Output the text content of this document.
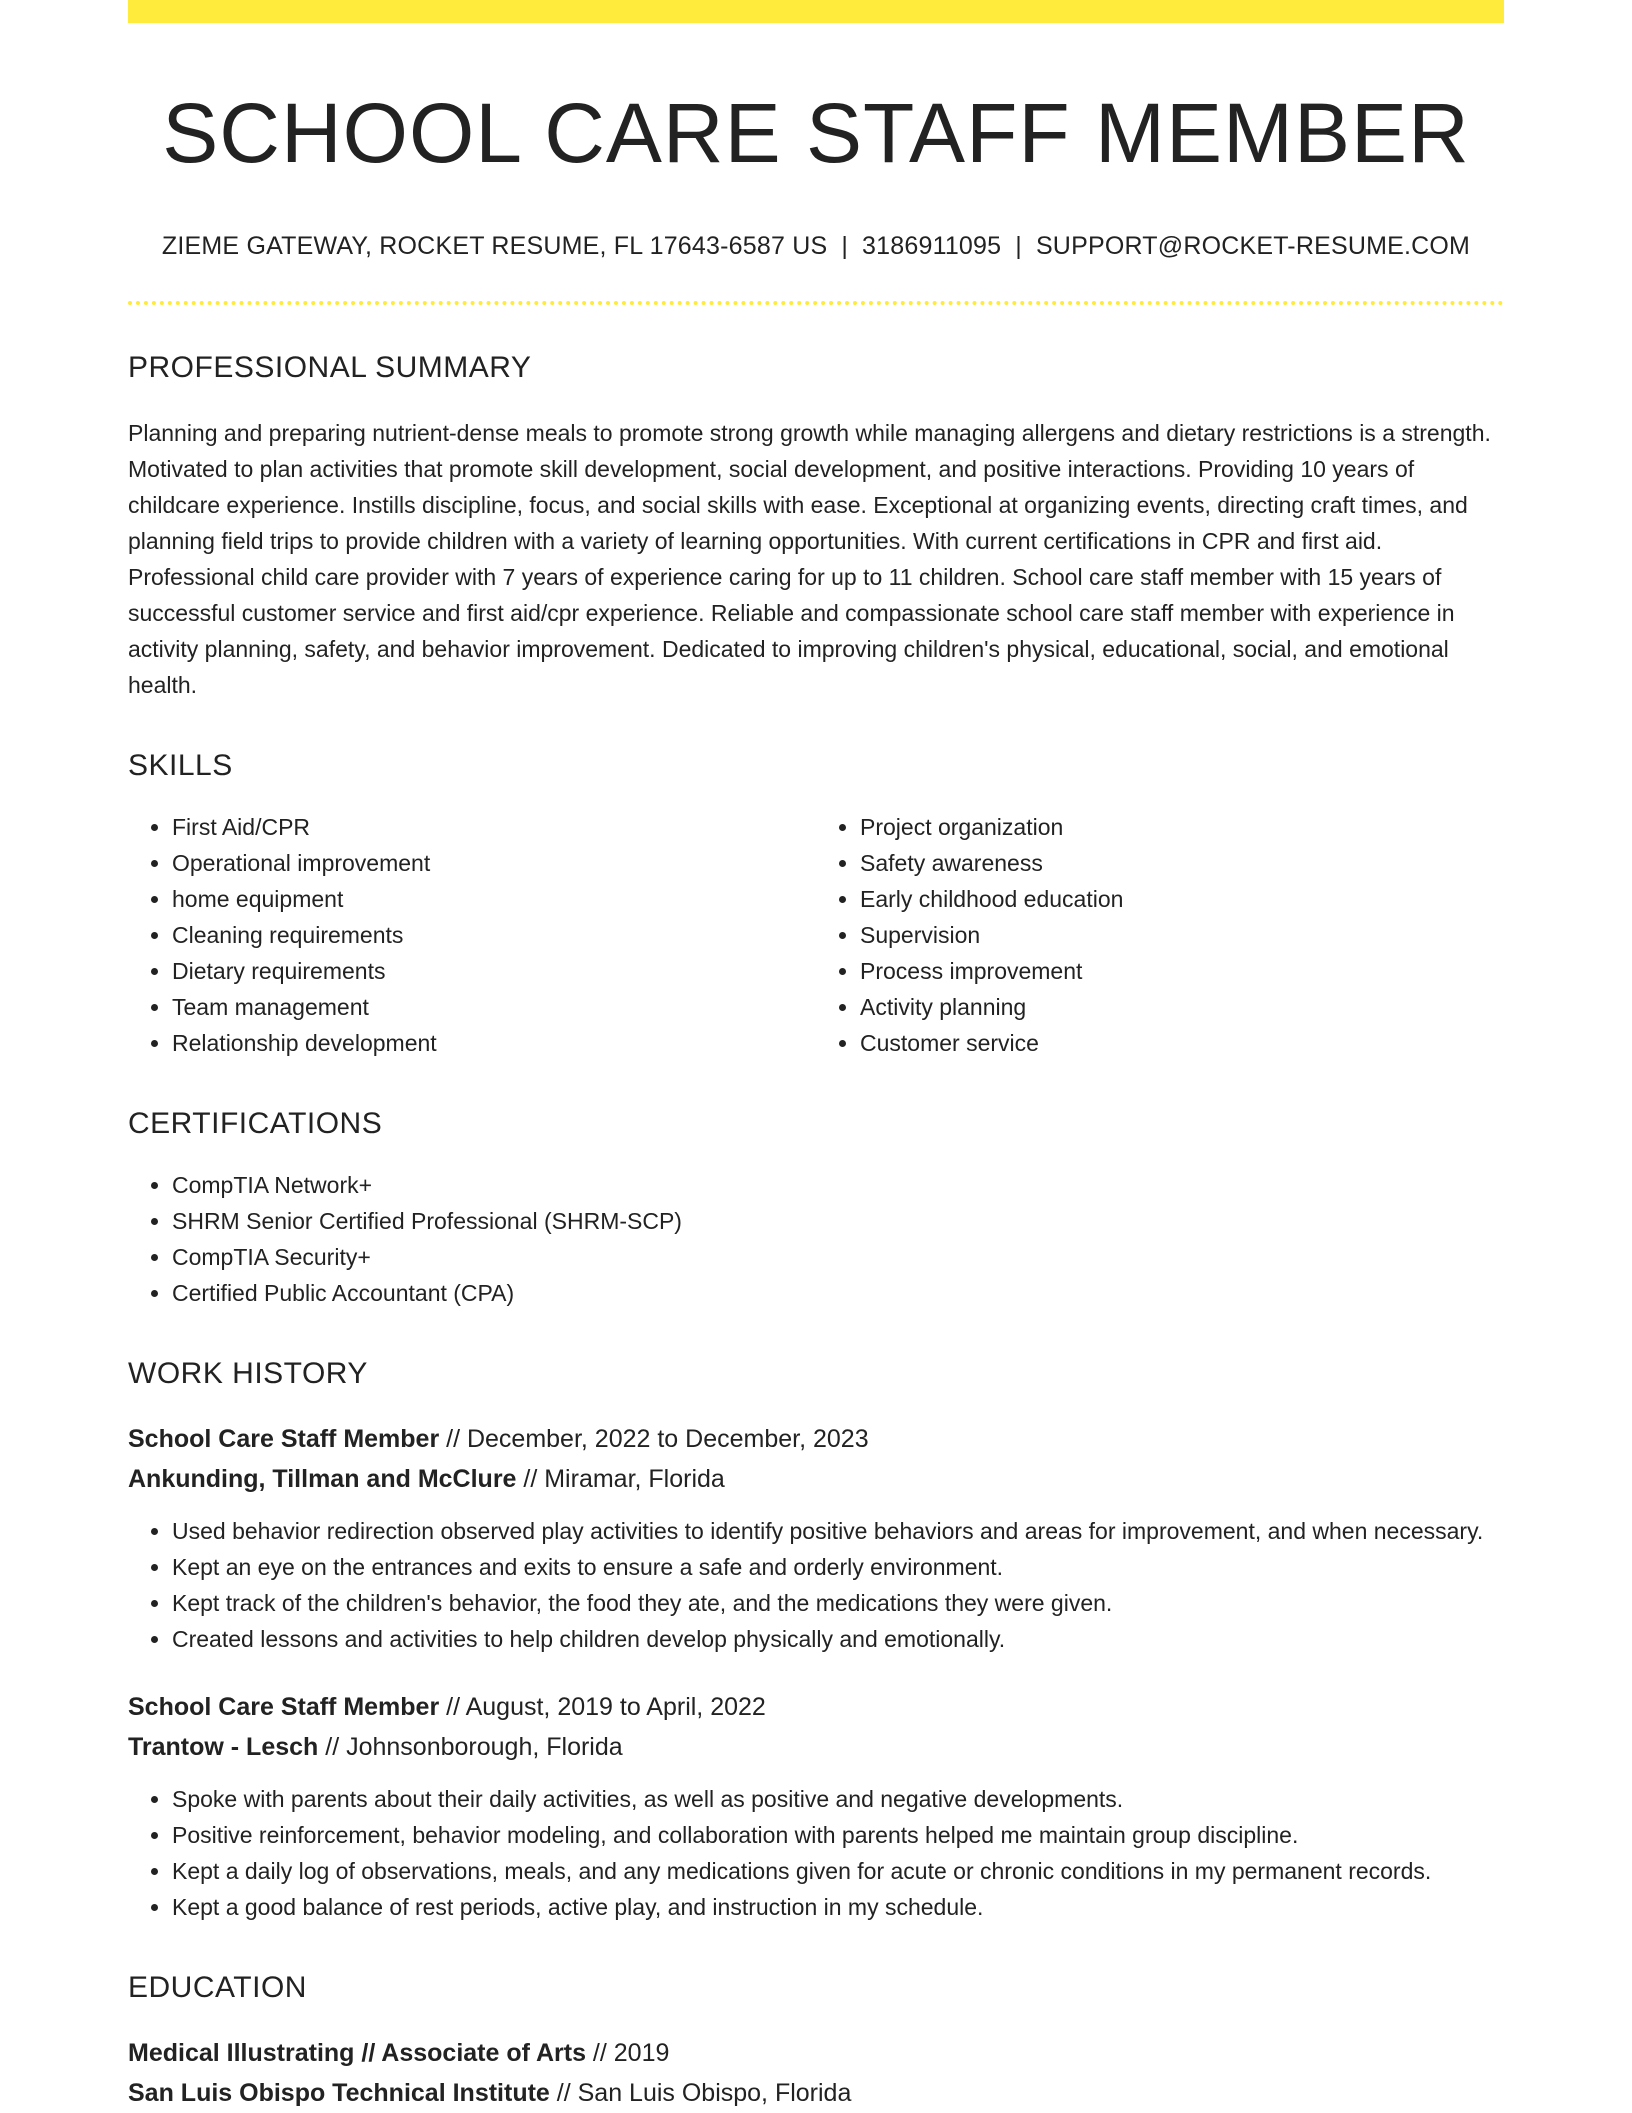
SCHOOL CARE STAFF MEMBER
ZIEME GATEWAY, ROCKET RESUME, FL 17643-6587 US | 3186911095 | SUPPORT@ROCKET-RESUME.COM
PROFESSIONAL SUMMARY
Planning and preparing nutrient-dense meals to promote strong growth while managing allergens and dietary restrictions is a strength. Motivated to plan activities that promote skill development, social development, and positive interactions. Providing 10 years of childcare experience. Instills discipline, focus, and social skills with ease. Exceptional at organizing events, directing craft times, and planning field trips to provide children with a variety of learning opportunities. With current certifications in CPR and first aid. Professional child care provider with 7 years of experience caring for up to 11 children. School care staff member with 15 years of successful customer service and first aid/cpr experience. Reliable and compassionate school care staff member with experience in activity planning, safety, and behavior improvement. Dedicated to improving children's physical, educational, social, and emotional health.
SKILLS
• First Aid/CPR
• Operational improvement
• home equipment
• Cleaning requirements
• Dietary requirements
• Team management
• Relationship development
• Project organization
• Safety awareness
• Early childhood education
• Supervision
• Process improvement
• Activity planning
• Customer service
CERTIFICATIONS
• CompTIA Network+
• SHRM Senior Certified Professional (SHRM-SCP)
• CompTIA Security+
• Certified Public Accountant (CPA)
WORK HISTORY
School Care Staff Member // December, 2022 to December, 2023
Ankunding, Tillman and McClure // Miramar, Florida
• Used behavior redirection observed play activities to identify positive behaviors and areas for improvement, and when necessary.
• Kept an eye on the entrances and exits to ensure a safe and orderly environment.
• Kept track of the children's behavior, the food they ate, and the medications they were given.
• Created lessons and activities to help children develop physically and emotionally.
School Care Staff Member // August, 2019 to April, 2022
Trantow - Lesch // Johnsonborough, Florida
• Spoke with parents about their daily activities, as well as positive and negative developments.
• Positive reinforcement, behavior modeling, and collaboration with parents helped me maintain group discipline.
• Kept a daily log of observations, meals, and any medications given for acute or chronic conditions in my permanent records.
• Kept a good balance of rest periods, active play, and instruction in my schedule.
EDUCATION
Medical Illustrating // Associate of Arts // 2019
San Luis Obispo Technical Institute // San Luis Obispo, Florida
